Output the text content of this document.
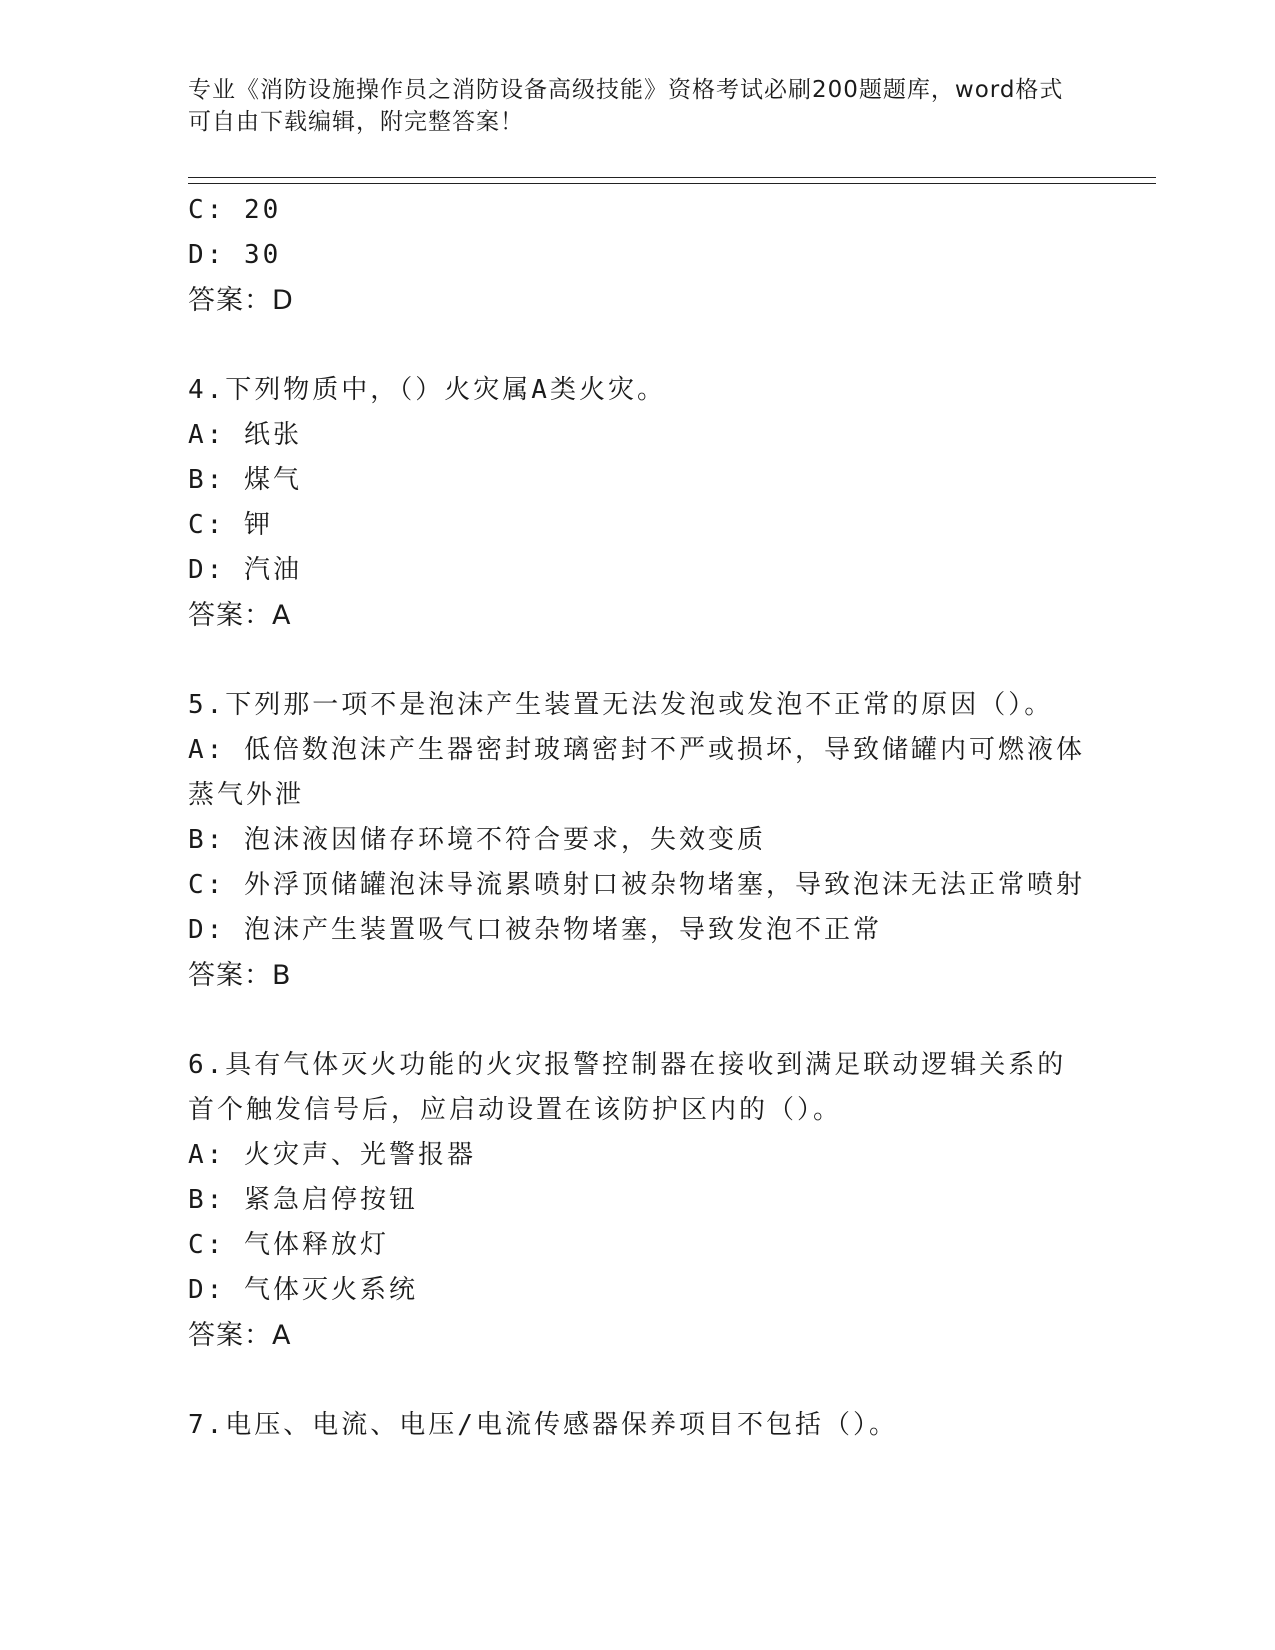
专业《消防设施操作员之消防设备高级技能》资格考试必刷200题题库，word格式可自由下载编辑，附完整答案！
C: 20
D: 30
答案：D
4.下列物质中，（）火灾属A类火灾。
A: 纸张
B: 煤气
C: 钾
D: 汽油
答案：A
5.下列那一项不是泡沫产生装置无法发泡或发泡不正常的原因（）。
A: 低倍数泡沫产生器密封玻璃密封不严或损坏，导致储罐内可燃液体蒸气外泄
B: 泡沫液因储存环境不符合要求，失效变质
C: 外浮顶储罐泡沫导流累喷射口被杂物堵塞，导致泡沫无法正常喷射
D: 泡沫产生装置吸气口被杂物堵塞，导致发泡不正常
答案：B
6.具有气体灭火功能的火灾报警控制器在接收到满足联动逻辑关系的首个触发信号后，应启动设置在该防护区内的（）。
A: 火灾声、光警报器
B: 紧急启停按钮
C: 气体释放灯
D: 气体灭火系统
答案：A
7.电压、电流、电压/电流传感器保养项目不包括（）。
